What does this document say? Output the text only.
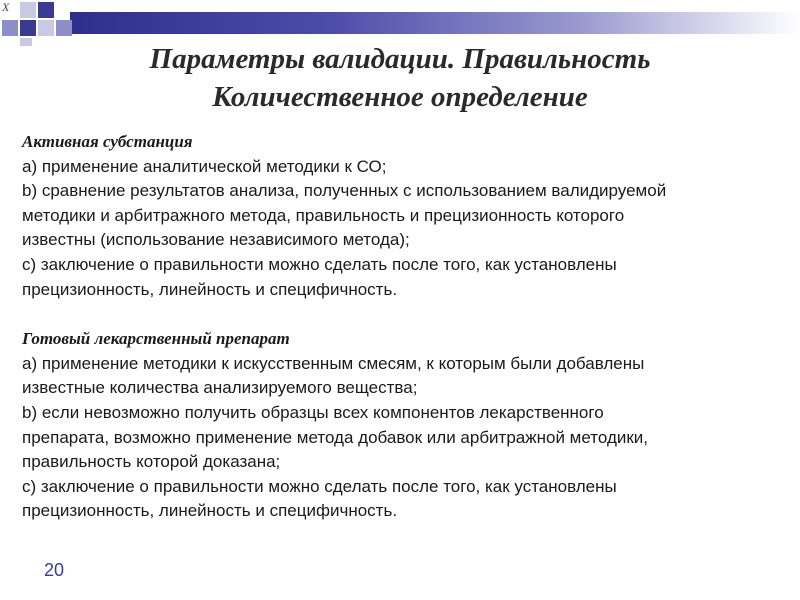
$\overline{X}$
Параметры валидации. Правильность
Количественное определение
Активная субстанция
a) применение аналитической методики к СО;
b) сравнение результатов анализа, полученных с использованием валидируемой
методики и арбитражного метода, правильность и прецизионность которого
известны (использование независимого метода);
c) заключение о правильности можно сделать после того, как установлены
прецизионность, линейность и специфичность.
Готовый лекарственный препарат
a) применение методики к искусственным смесям, к которым были добавлены
известные количества анализируемого вещества;
b) если невозможно получить образцы всех компонентов лекарственного
препарата, возможно применение метода добавок или арбитражной методики,
правильность которой доказана;
c) заключение о правильности можно сделать после того, как установлены
прецизионность, линейность и специфичность.
20
